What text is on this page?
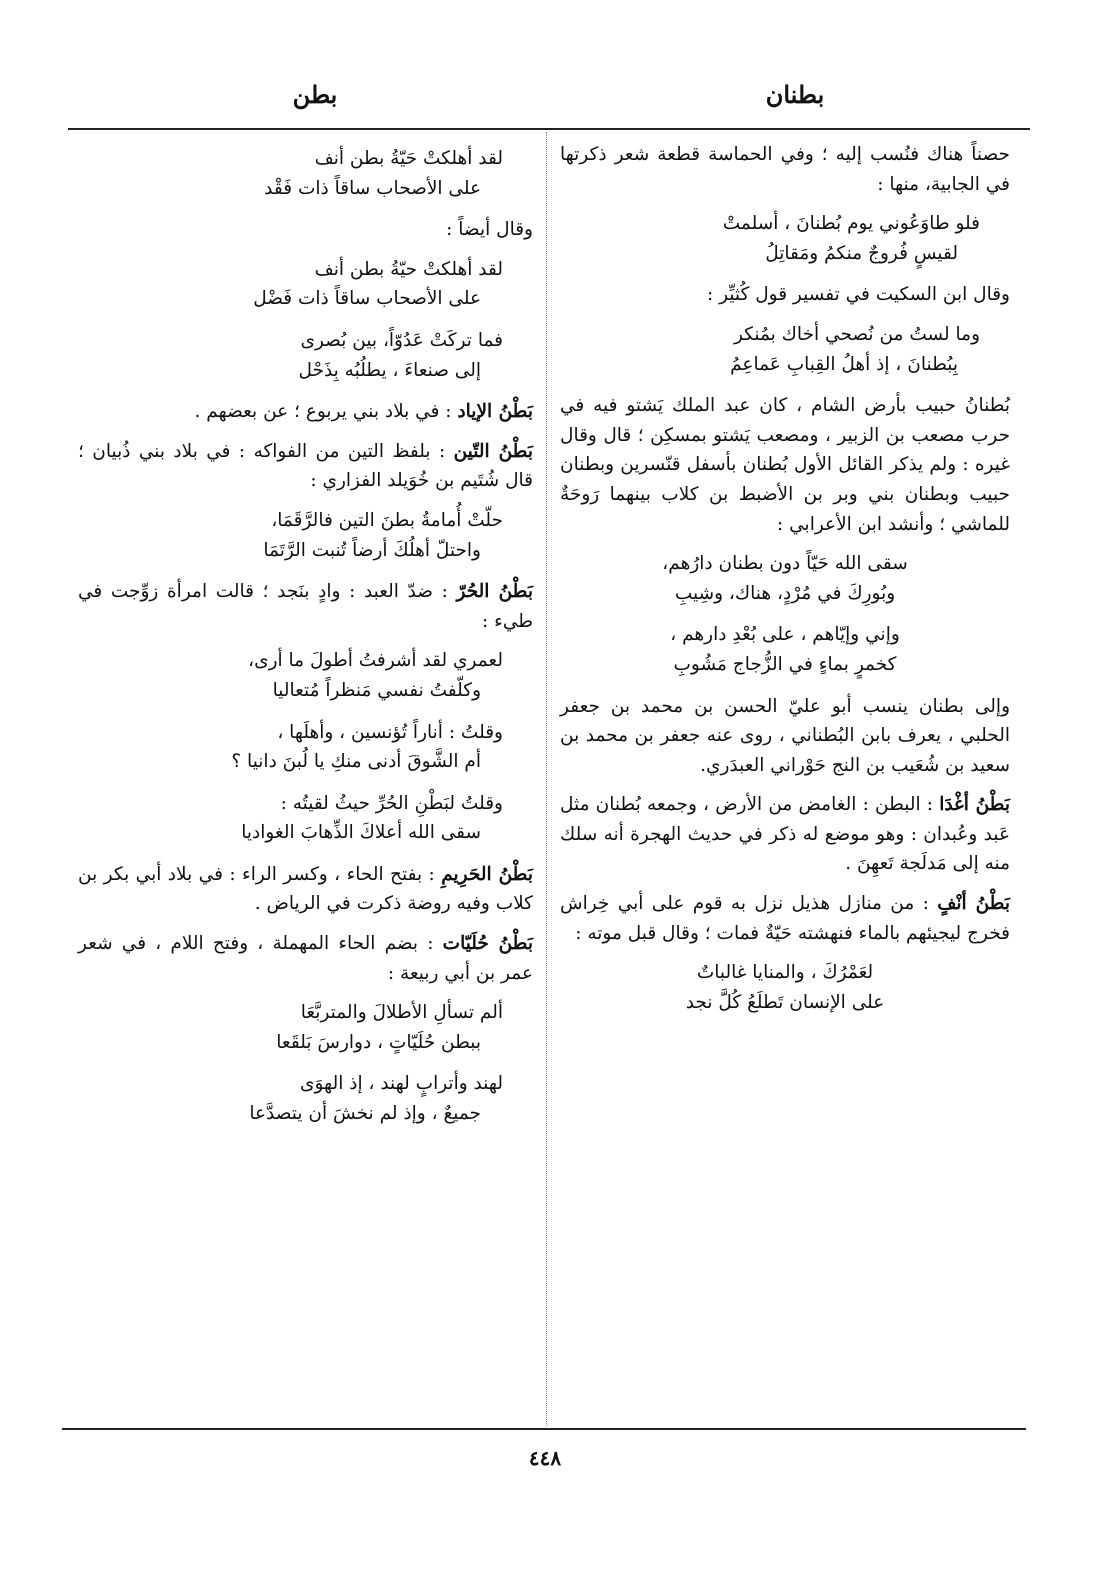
بطنان
بطن

حصناً هناك فنُسب إليه ؛ وفي الحماسة قطعة شعر ذكرتها في الجابية، منها :

فلو طاوَعُوني يوم بُطنانَ ، أسلمتْ
لقيسٍ فُروجٌ منكمُ ومَقاتِلُ

وقال ابن السكيت في تفسير قول كُثيِّر :

وما لستُ من نُصحي أخاك بمُنكر
بِبُطنانَ ، إذ أهلُ القِبابِ عَماعِمُ

بُطنانُ حبيب بأرض الشام ، كان عبد الملك يَشتو فيه في حرب مصعب بن الزبير ، ومصعب يَشتو بمسكِن ؛ قال وقال غيره : ولم يذكر القائل الأول بُطنان بأسفل قنّسرين وبطنان حبيب وبطنان بني وبر بن الأضبط بن كلاب بينهما رَوحَةٌ للماشي ؛ وأنشد ابن الأعرابي :

سقى الله حَيّاً دون بطنان دارُهم،
وبُورِكَ في مُرْدٍ، هناك، وشِيبِ
وإني وإيّاهم ، على بُعْدِ دارهم ،
كخمرٍ بماءٍ في الزُّجاج مَشُوبِ

وإلى بطنان ينسب أبو عليّ الحسن بن محمد بن جعفر الحلبي ، يعرف بابن البُطناني ، روى عنه جعفر بن محمد بن سعيد بن شُعَيب بن النج حَوْراني العبدَري.

بَطْنُ أغْدَا : البطن : الغامض من الأرض ، وجمعه بُطنان مثل عَبد وعُبدان : وهو موضع له ذكر في حديث الهجرة أنه سلك منه إلى مَدلَجة تَعهِنَ .

بَطْنُ أنْفٍ : من منازل هذيل نزل به قوم على أبي خِراش فخرج ليجيئهم بالماء فنهشته حَيّةٌ فمات ؛ وقال قبل موته :

لعَمْرُكَ ، والمنايا غالباتٌ
على الإنسان تَطلَعُ كُلَّ نجد
لقد أهلكتْ حَيّةُ بطن أنف
على الأصحاب ساقاً ذات فَقْد

وقال أيضاً :

لقد أهلكتْ حيّةُ بطن أنف
على الأصحاب ساقاً ذات فَضْل
فما تركَتْ عَدُوّاً، بين بُصرى
إلى صنعاءَ ، يطلُبُه بِذَحْل

بَطْنُ الإياد : في بلاد بني يربوع ؛ عن بعضهم .

بَطْنُ التّين : بلفظ التين من الفواكه : في بلاد بني ذُبيان ؛ قال شُتَيم بن خُوَيلد الفزاري :

حلّتْ أُمامةُ بطنَ التين فالرَّقَمَا،
واحتلّ أهلُكَ أرضاً تُنبت الرَّتَمَا

بَطْنُ الحُرّ : ضدّ العبد : وادٍ بنَجد ؛ قالت امرأة زوِّجت في طيء :

لعمري لقد أشرفتُ أطولَ ما أرى،
وكلّفتُ نفسي مَنظراً مُتعاليا
وقلتُ : أناراً تُؤنسين ، وأهلَها ،
أم الشَّوقَ أدنى منكِ يا لُبنَ دانيا ؟
وقلتُ لبَطْنِ الحُرِّ حيثُ لقيتُه :
سقى الله أعلاكَ الذِّهابَ الغواديا

بَطْنُ الحَرِيمِ : بفتح الحاء ، وكسر الراء : في بلاد أبي بكر بن كلاب وفيه روضة ذكرت في الرياض .

بَطْنُ حُلَيّات : بضم الحاء المهملة ، وفتح اللام ، في شعر عمر بن أبي ربيعة :

ألم تسألِ الأطلالَ والمتربَّعَا
ببطن حُلَيّاتٍ ، دوارسَ بَلقَعا
لهند وأترابٍ لهند ، إذ الهوَى
جميعٌ ، وإذ لم نخشَ أن يتصدَّعا
٤٤٨
